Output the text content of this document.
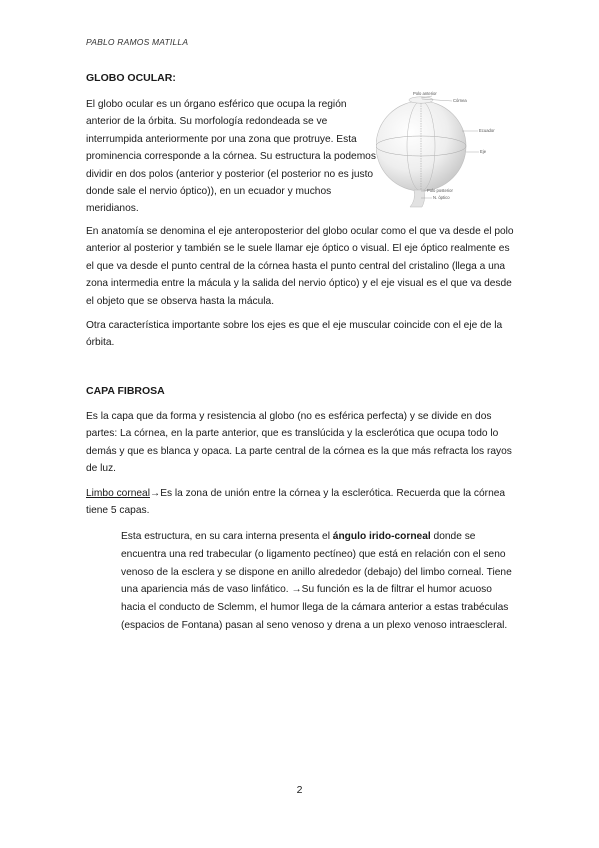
PABLO RAMOS MATILLA
GLOBO OCULAR:

El globo ocular es un órgano esférico que ocupa la región anterior de la órbita. Su morfología redondeada se ve interrumpida anteriormente por una zona que protruye. Esta prominencia corresponde a la córnea. Su estructura la podemos dividir en dos polos (anterior y posterior (el posterior no es justo donde sale el nervio óptico)), en un ecuador y muchos meridianos.

Polo anterior
Córnea
Ecuador
Eje
Polo posterior
N. óptico

En anatomía se denomina el eje anteroposterior del globo ocular como el que va desde el polo anterior al posterior y también se le suele llamar eje óptico o visual. El eje óptico realmente es el que va desde el punto central de la córnea hasta el punto central del cristalino (llega a una zona intermedia entre la mácula y la salida del nervio óptico) y el eje visual es el que va desde el objeto que se observa hasta la mácula.

Otra característica importante sobre los ejes es que el eje muscular coincide con el eje de la órbita.

CAPA FIBROSA

Es la capa que da forma y resistencia al globo (no es esférica perfecta) y se divide en dos partes: La córnea, en la parte anterior, que es translúcida y la esclerótica que ocupa todo lo demás y que es blanca y opaca. La parte central de la córnea es la que más refracta los rayos de luz.

Limbo corneal→Es la zona de unión entre la córnea y la esclerótica. Recuerda que la córnea tiene 5 capas.

Esta estructura, en su cara interna presenta el ángulo irido-corneal donde se encuentra una red trabecular (o ligamento pectíneo) que está en relación con el seno venoso de la esclera y se dispone en anillo alrededor (debajo) del limbo corneal. Tiene una apariencia más de vaso linfático. →Su función es la de filtrar el humor acuoso hacia el conducto de Sclemm, el humor llega de la cámara anterior a estas trabéculas (espacios de Fontana) pasan al seno venoso y drena a un plexo venoso intraescleral.

2
